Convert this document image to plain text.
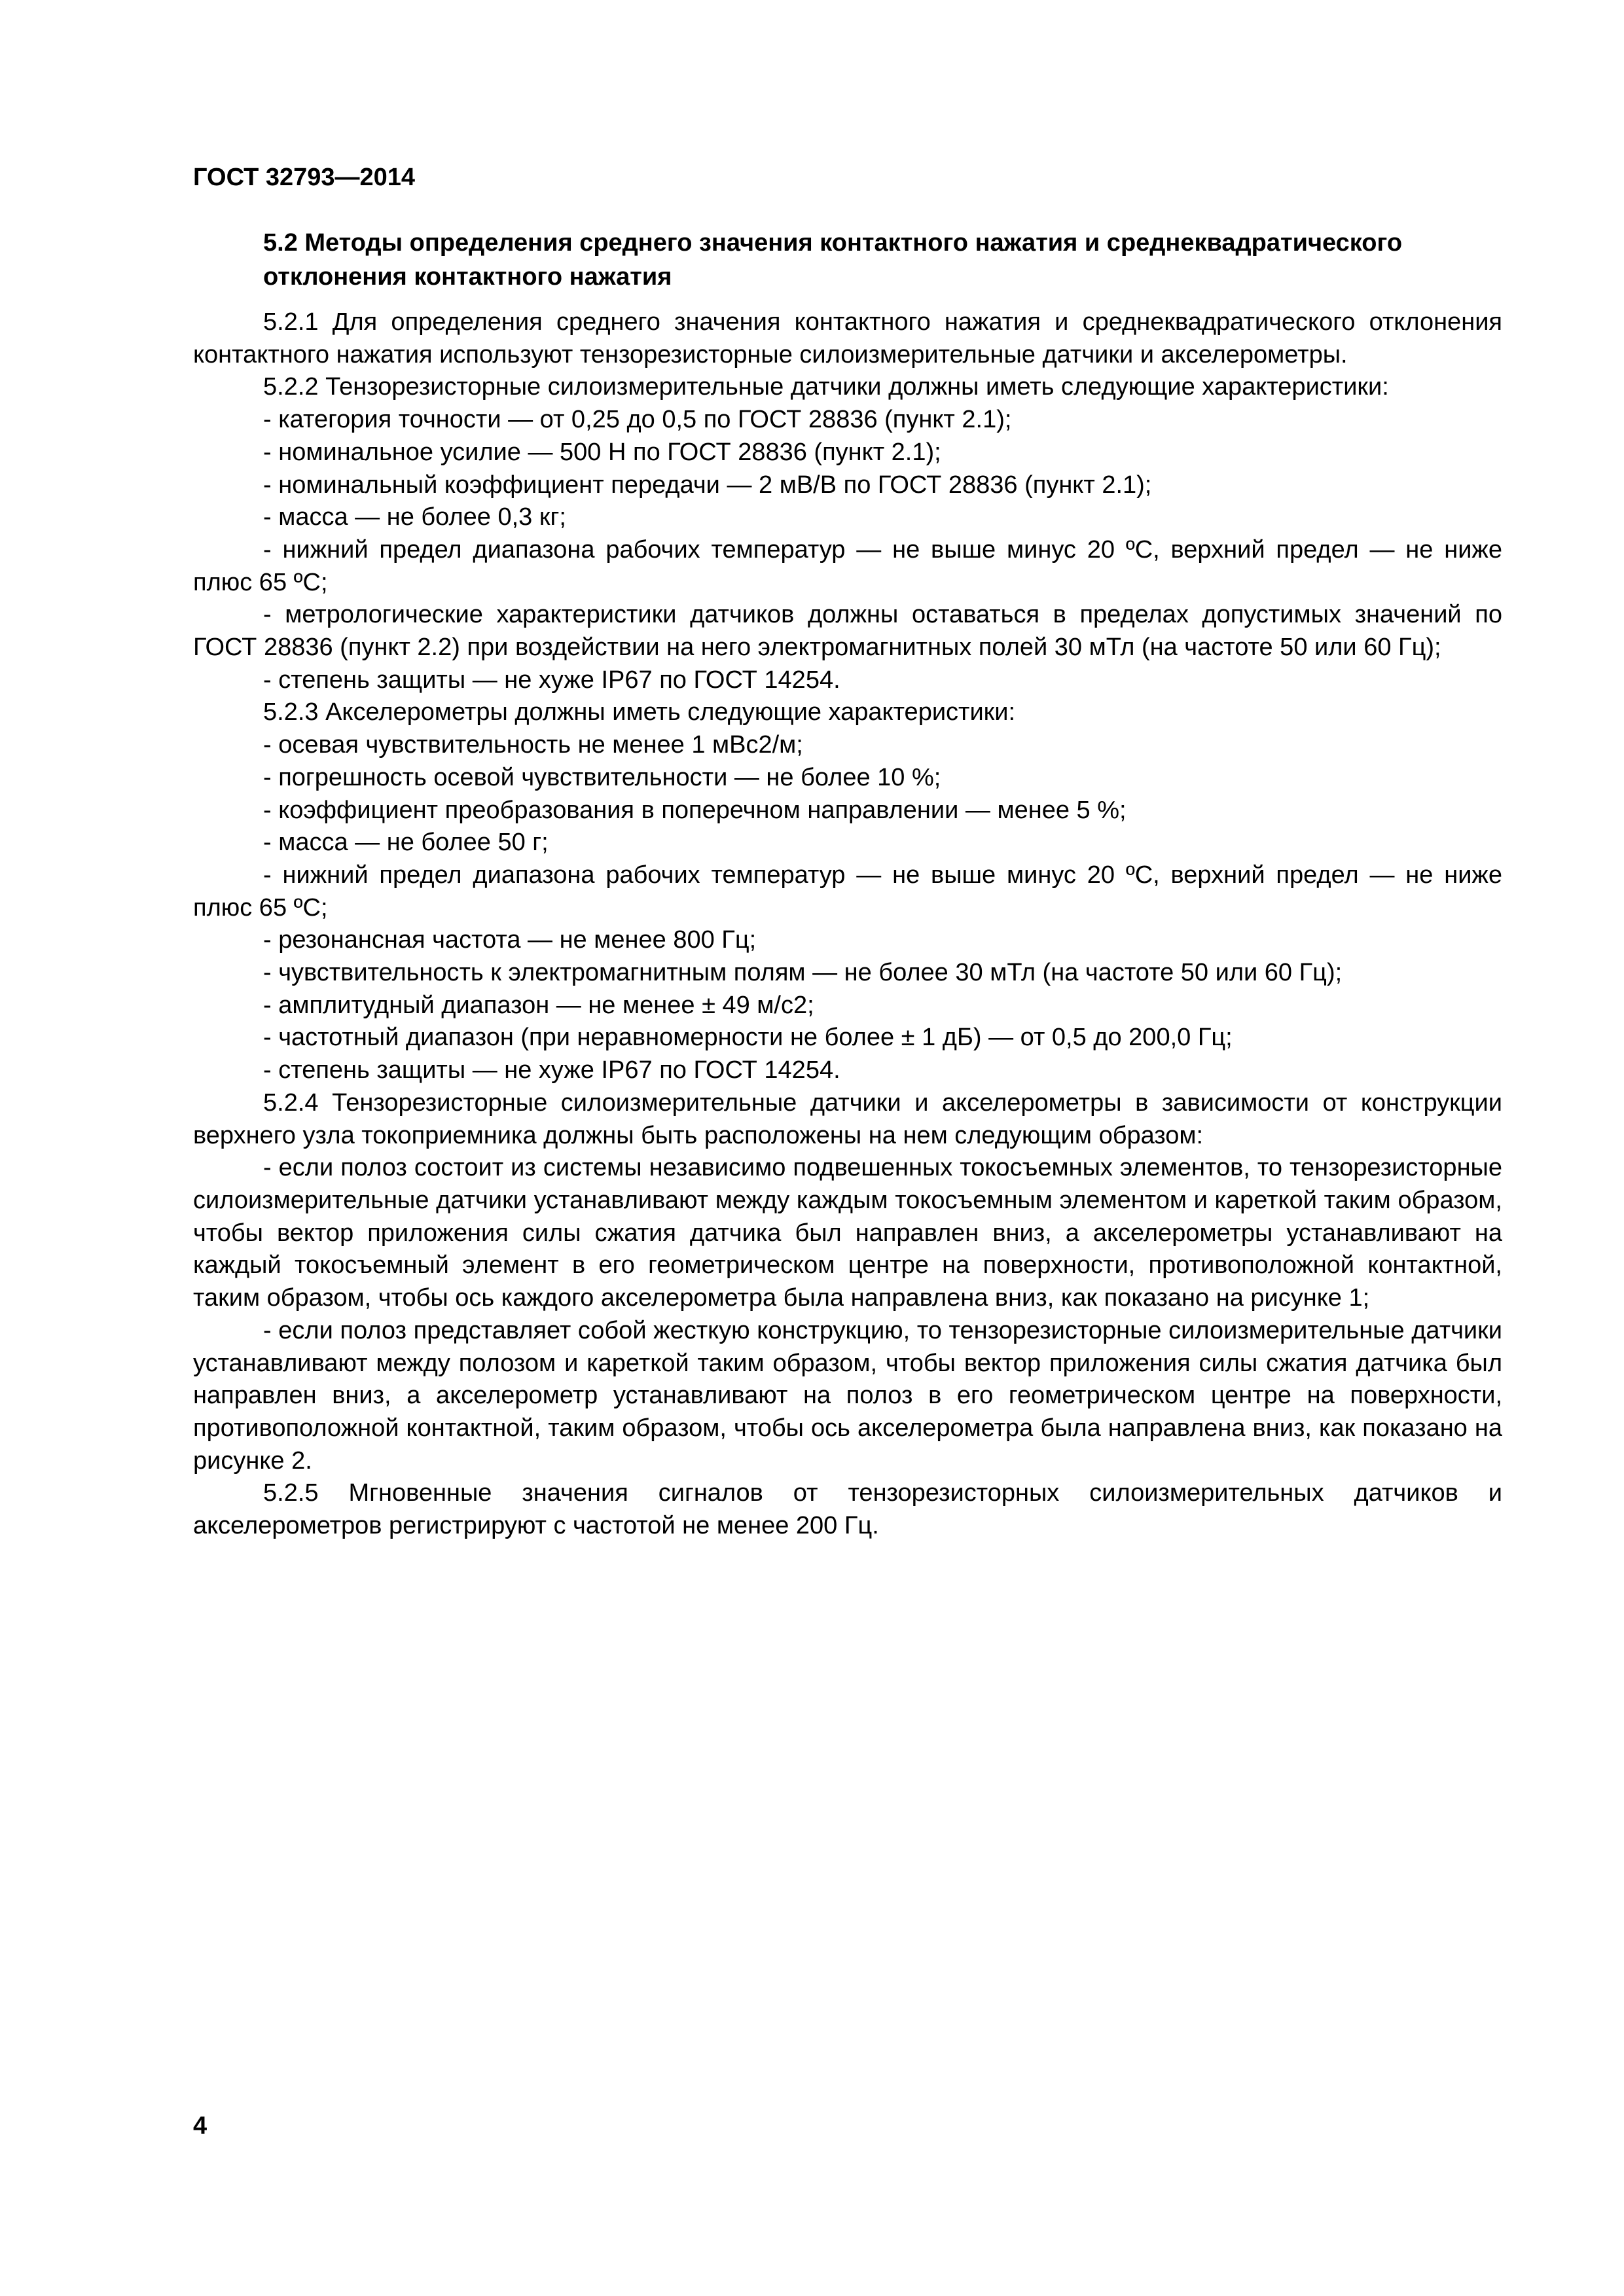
ГОСТ 32793—2014

5.2 Методы определения среднего значения контактного нажатия и среднеквадратического отклонения контактного нажатия

5.2.1 Для определения среднего значения контактного нажатия и среднеквадратического отклонения контактного нажатия используют тензорезисторные силоизмерительные датчики и акселерометры.

5.2.2 Тензорезисторные силоизмерительные датчики должны иметь следующие характеристики:

- категория точности — от 0,25 до 0,5 по ГОСТ 28836 (пункт 2.1);

- номинальное усилие — 500 Н по ГОСТ 28836 (пункт 2.1);

- номинальный коэффициент передачи — 2 мВ/В по ГОСТ 28836 (пункт 2.1);

- масса — не более 0,3 кг;

- нижний предел диапазона рабочих температур — не выше минус 20 ºС, верхний предел — не ниже плюс 65 ºС;

- метрологические характеристики датчиков должны оставаться в пределах допустимых значений по ГОСТ 28836 (пункт 2.2) при воздействии на него электромагнитных полей 30 мТл (на частоте 50 или 60 Гц);

- степень защиты — не хуже IP67 по ГОСТ 14254.

5.2.3 Акселерометры должны иметь следующие характеристики:

- осевая чувствительность не менее 1 мВс2/м;

- погрешность осевой чувствительности — не более 10 %;

- коэффициент преобразования в поперечном направлении — менее 5 %;

- масса — не более 50 г;

- нижний предел диапазона рабочих температур — не выше минус 20 ºС, верхний предел — не ниже плюс 65 ºС;

- резонансная частота — не менее 800 Гц;

- чувствительность к электромагнитным полям — не более 30 мТл (на частоте 50 или 60 Гц);

- амплитудный диапазон — не менее ± 49 м/с2;

- частотный диапазон (при неравномерности не более ± 1 дБ) — от 0,5 до 200,0 Гц;

- степень защиты — не хуже IP67 по ГОСТ 14254.

5.2.4 Тензорезисторные силоизмерительные датчики и акселерометры в зависимости от конструкции верхнего узла токоприемника должны быть расположены на нем следующим образом:

- если полоз состоит из системы независимо подвешенных токосъемных элементов, то тензорезисторные силоизмерительные датчики устанавливают между каждым токосъемным элементом и кареткой таким образом, чтобы вектор приложения силы сжатия датчика был направлен вниз, а акселерометры устанавливают на каждый токосъемный элемент в его геометрическом центре на поверхности, противоположной контактной, таким образом, чтобы ось каждого акселерометра была направлена вниз, как показано на рисунке 1;

- если полоз представляет собой жесткую конструкцию, то тензорезисторные силоизмерительные датчики устанавливают между полозом и кареткой таким образом, чтобы вектор приложения силы сжатия датчика был направлен вниз, а акселерометр устанавливают на полоз в его геометрическом центре на поверхности, противоположной контактной, таким образом, чтобы ось акселерометра была направлена вниз, как показано на рисунке 2.

5.2.5 Мгновенные значения сигналов от тензорезисторных силоизмерительных датчиков и акселерометров регистрируют с частотой не менее 200 Гц.

4
